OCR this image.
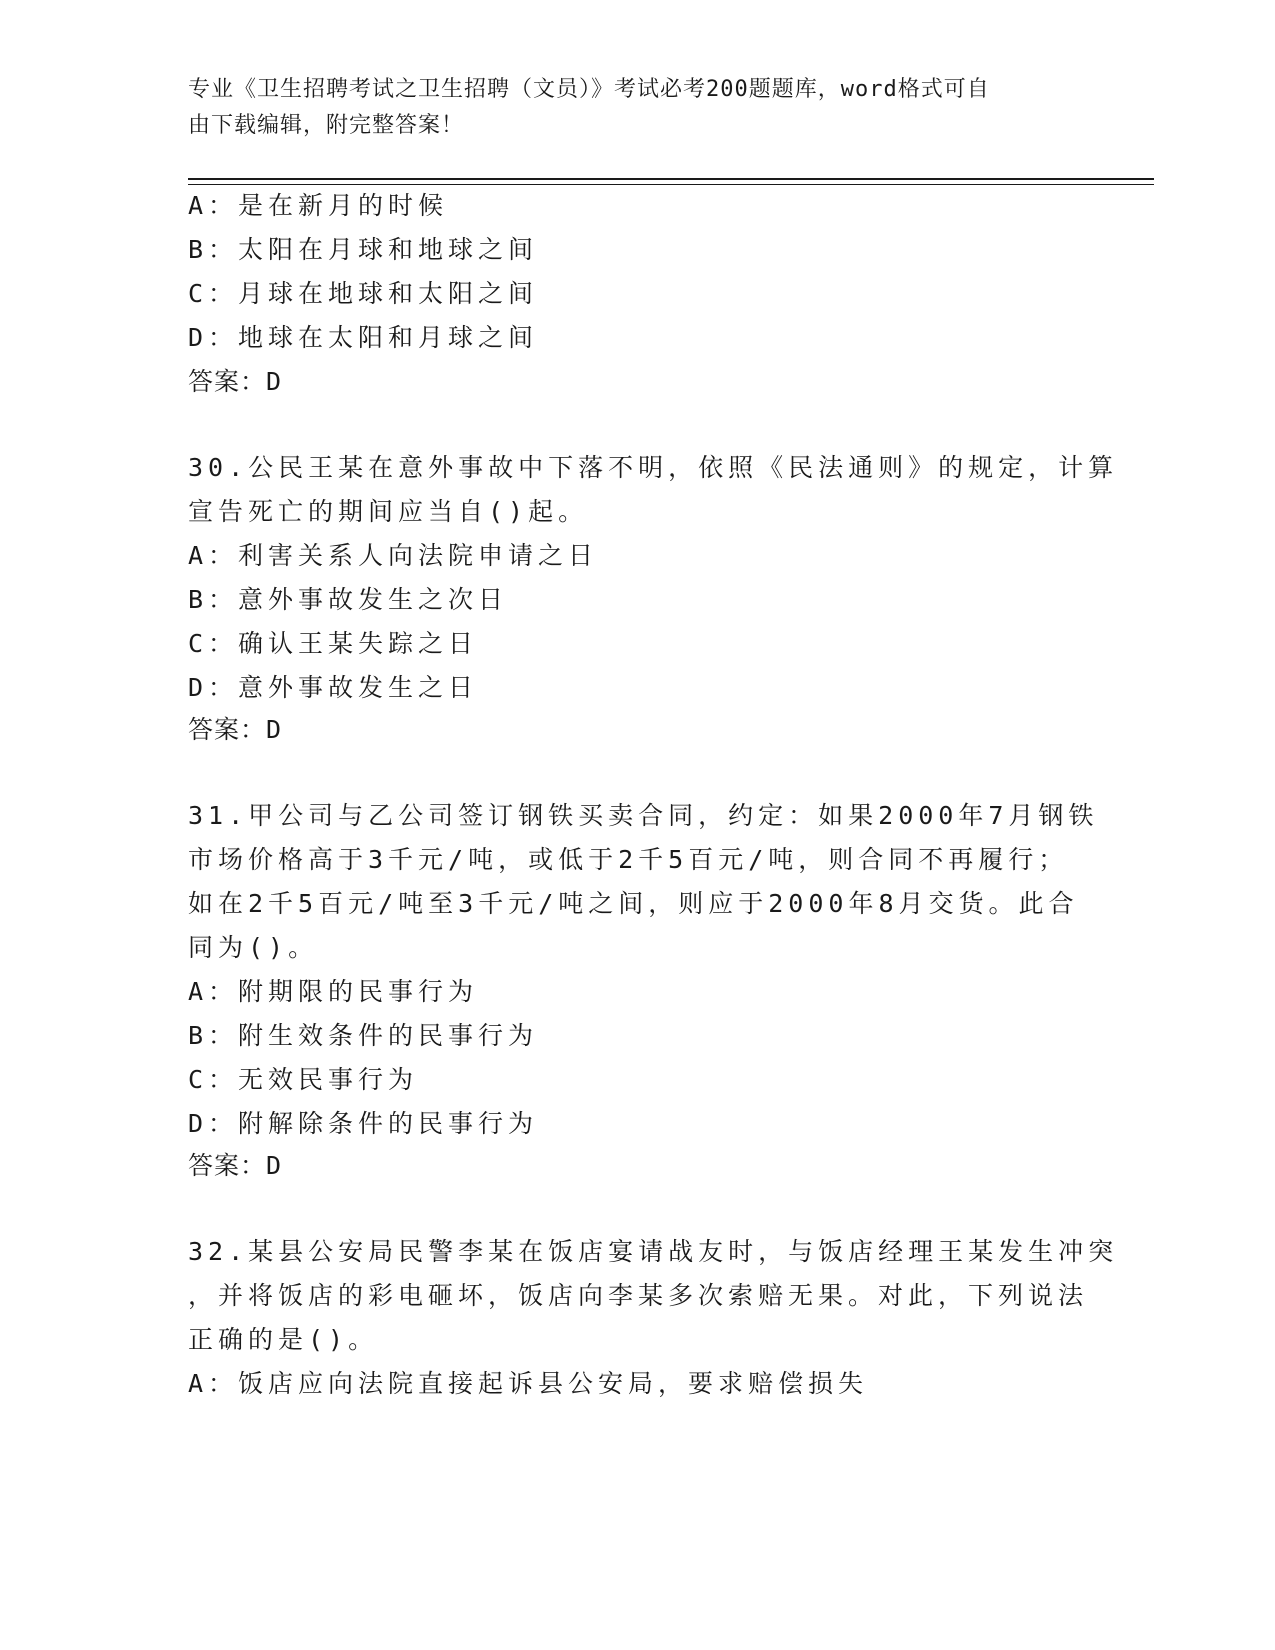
专业《卫生招聘考试之卫生招聘（文员）》考试必考200题题库，word格式可自
由下载编辑，附完整答案！
A：是在新月的时候
B：太阳在月球和地球之间
C：月球在地球和太阳之间
D：地球在太阳和月球之间
答案：D
30.公民王某在意外事故中下落不明，依照《民法通则》的规定，计算
宣告死亡的期间应当自()起。
A：利害关系人向法院申请之日
B：意外事故发生之次日
C：确认王某失踪之日
D：意外事故发生之日
答案：D
31.甲公司与乙公司签订钢铁买卖合同，约定：如果2000年7月钢铁
市场价格高于3千元/吨，或低于2千5百元/吨，则合同不再履行；
如在2千5百元/吨至3千元/吨之间，则应于2000年8月交货。此合
同为()。
A：附期限的民事行为
B：附生效条件的民事行为
C：无效民事行为
D：附解除条件的民事行为
答案：D
32.某县公安局民警李某在饭店宴请战友时，与饭店经理王某发生冲突
，并将饭店的彩电砸坏，饭店向李某多次索赔无果。对此，下列说法
正确的是()。
A：饭店应向法院直接起诉县公安局，要求赔偿损失
